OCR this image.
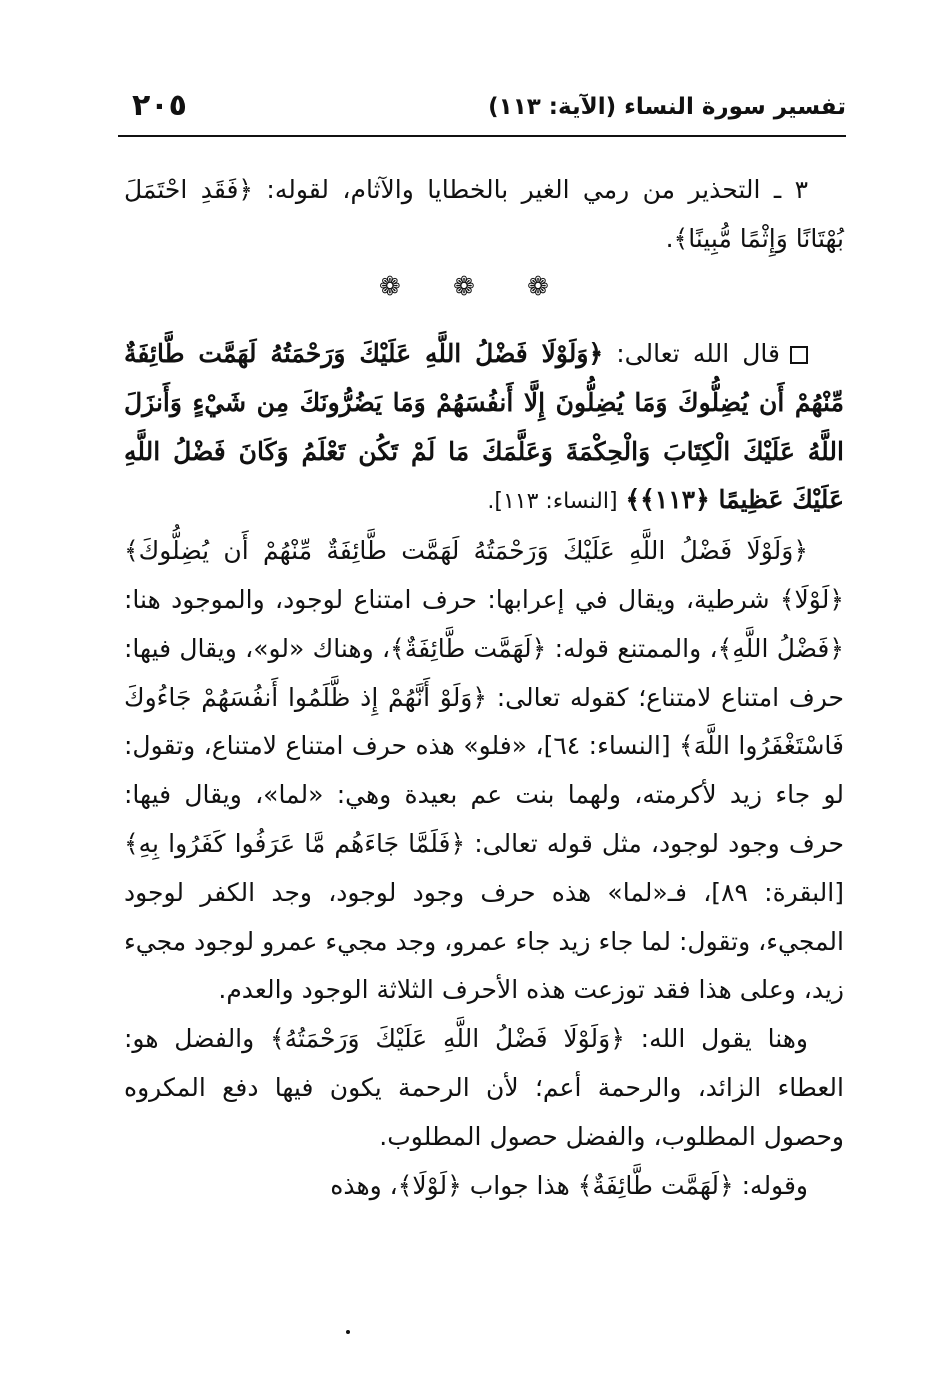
٢٠٥	تفسير سورة النساء (الآية: ١١٣)

٣ ـ التحذير من رمي الغير بالخطايا والآثام، لقوله: ﴿فَقَدِ احْتَمَلَ بُهْتَانًا وَإِثْمًا مُّبِينًا﴾.

❁ ❁ ❁

قال الله تعالى: ﴿وَلَوْلَا فَضْلُ اللَّهِ عَلَيْكَ وَرَحْمَتُهُ لَهَمَّت طَّائِفَةٌ مِّنْهُمْ أَن يُضِلُّوكَ وَمَا يُضِلُّونَ إِلَّا أَنفُسَهُمْ وَمَا يَضُرُّونَكَ مِن شَيْءٍ وَأَنزَلَ اللَّهُ عَلَيْكَ الْكِتَابَ وَالْحِكْمَةَ وَعَلَّمَكَ مَا لَمْ تَكُن تَعْلَمُ وَكَانَ فَضْلُ اللَّهِ عَلَيْكَ عَظِيمًا ﴿١١٣﴾﴾ [النساء: ١١٣].

﴿وَلَوْلَا فَضْلُ اللَّهِ عَلَيْكَ وَرَحْمَتُهُ لَهَمَّت طَّائِفَةٌ مِّنْهُمْ أَن يُضِلُّوكَ﴾ ﴿لَوْلَا﴾ شرطية، ويقال في إعرابها: حرف امتناع لوجود، والموجود هنا: ﴿فَضْلُ اللَّهِ﴾، والممتنع قوله: ﴿لَهَمَّت طَّائِفَةٌ﴾، وهناك «لو»، ويقال فيها: حرف امتناع لامتناع؛ كقوله تعالى: ﴿وَلَوْ أَنَّهُمْ إِذ ظَّلَمُوا أَنفُسَهُمْ جَاءُوكَ فَاسْتَغْفَرُوا اللَّهَ﴾ [النساء: ٦٤]، «فلو» هذه حرف امتناع لامتناع، وتقول: لو جاء زيد لأكرمته، ولهما بنت عم بعيدة وهي: «لما»، ويقال فيها: حرف وجود لوجود، مثل قوله تعالى: ﴿فَلَمَّا جَاءَهُم مَّا عَرَفُوا كَفَرُوا بِهِ﴾ [البقرة: ٨٩]، فـ«لما» هذه حرف وجود لوجود، وجد الكفر لوجود المجيء، وتقول: لما جاء زيد جاء عمرو، وجد مجيء عمرو لوجود مجيء زيد، وعلى هذا فقد توزعت هذه الأحرف الثلاثة الوجود والعدم.

وهنا يقول الله: ﴿وَلَوْلَا فَضْلُ اللَّهِ عَلَيْكَ وَرَحْمَتُهُ﴾ والفضل هو: العطاء الزائد، والرحمة أعم؛ لأن الرحمة يكون فيها دفع المكروه وحصول المطلوب، والفضل حصول المطلوب.

وقوله: ﴿لَهَمَّت طَّائِفَةٌ﴾ هذا جواب ﴿لَوْلَا﴾، وهذه
